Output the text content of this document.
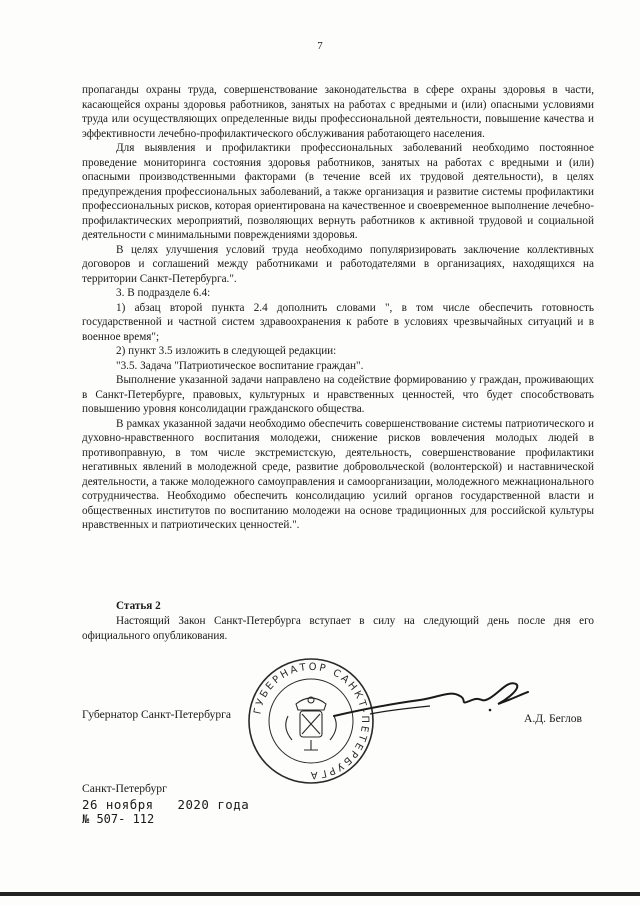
7

пропаганды охраны труда, совершенствование законодательства в сфере охраны здоровья в части, касающейся охраны здоровья работников, занятых на работах с вредными и (или) опасными условиями труда или осуществляющих определенные виды профессиональной деятельности, повышение качества и эффективности лечебно-профилактического обслуживания работающего населения.

Для выявления и профилактики профессиональных заболеваний необходимо постоянное проведение мониторинга состояния здоровья работников, занятых на работах с вредными и (или) опасными производственными факторами (в течение всей их трудовой деятельности), в целях предупреждения профессиональных заболеваний, а также организация и развитие системы профилактики профессиональных рисков, которая ориентирована на качественное и своевременное выполнение лечебно-профилактических мероприятий, позволяющих вернуть работников к активной трудовой и социальной деятельности с минимальными повреждениями здоровья.

В целях улучшения условий труда необходимо популяризировать заключение коллективных договоров и соглашений между работниками и работодателями в организациях, находящихся на территории Санкт-Петербурга.".

3. В подразделе 6.4:

1) абзац второй пункта 2.4 дополнить словами ", в том числе обеспечить готовность государственной и частной систем здравоохранения к работе в условиях чрезвычайных ситуаций и в военное время";

2) пункт 3.5 изложить в следующей редакции:

"3.5. Задача "Патриотическое воспитание граждан".

Выполнение указанной задачи направлено на содействие формированию у граждан, проживающих в Санкт-Петербурге, правовых, культурных и нравственных ценностей, что будет способствовать повышению уровня консолидации гражданского общества.

В рамках указанной задачи необходимо обеспечить совершенствование системы патриотического и духовно-нравственного воспитания молодежи, снижение рисков вовлечения молодых людей в противоправную, в том числе экстремистскую, деятельность, совершенствование профилактики негативных явлений в молодежной среде, развитие добровольческой (волонтерской) и наставнической деятельности, а также молодежного самоуправления и самоорганизации, молодежного межнационального сотрудничества. Необходимо обеспечить консолидацию усилий органов государственной власти и общественных институтов по воспитанию молодежи на основе традиционных для российской культуры нравственных и патриотических ценностей.".

Статья 2
Настоящий Закон Санкт-Петербурга вступает в силу на следующий день после дня его официального опубликования.
Губернатор Санкт-Петербурга	А.Д. Беглов
ГУБЕРНАТОР САНКТ-ПЕТЕРБУРГА
Санкт-Петербург
26 ноября   2020 года
№ 507- 112
